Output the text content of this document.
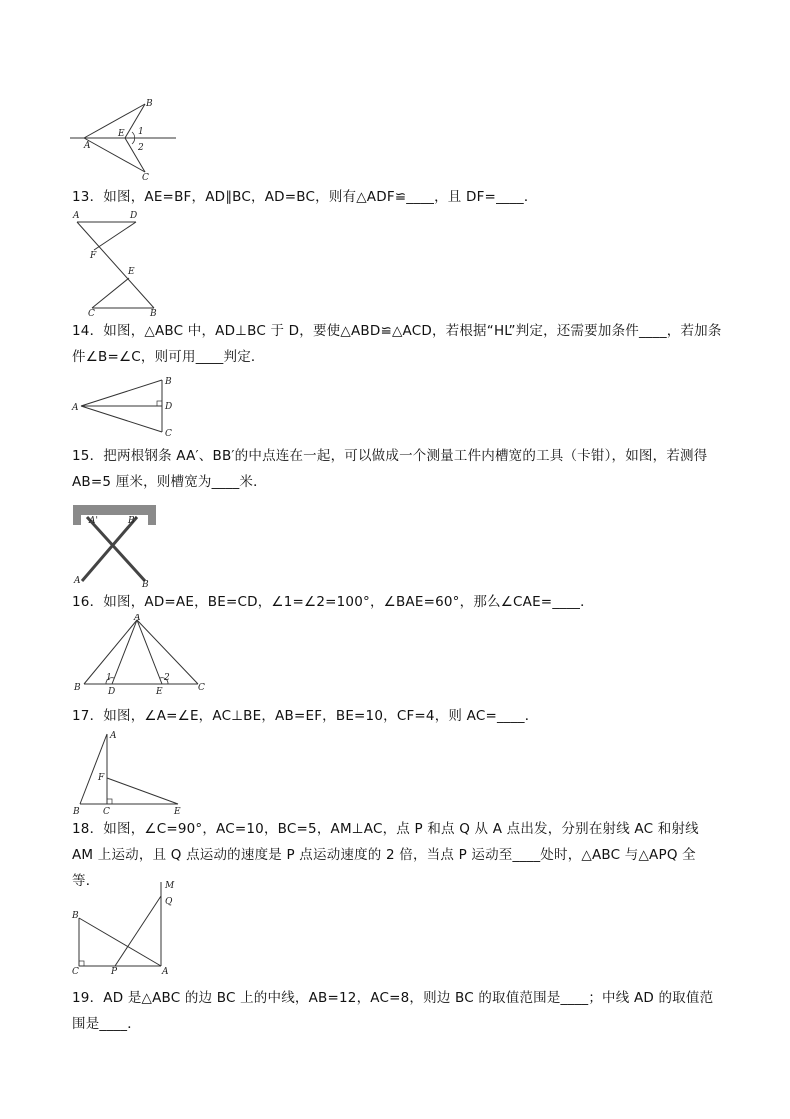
B
A
E 1
2
C
13．如图，AE=BF，AD∥BC，AD=BC，则有△ADF≌____，且 DF=____．
A	D
F
E
C	B
14．如图，△ABC 中，AD⊥BC 于 D，要使△ABD≌△ACD，若根据“HL”判定，还需要加条件____，若加条件∠B=∠C，则可用____判定．
A
B
D
C
15．把两根钢条 AA′、BB′的中点连在一起，可以做成一个测量工件内槽宽的工具（卡钳），如图，若测得 AB=5 厘米，则槽宽为____米．
A'	B'
A	B
16．如图，AD=AE，BE=CD，∠1=∠2=100°，∠BAE=60°，那么∠CAE=____．
A
B
1	2
D	E	C
17．如图，∠A=∠E，AC⊥BE，AB=EF，BE=10，CF=4，则 AC=____．
A
F
B	C	E
18．如图，∠C=90°，AC=10，BC=5，AM⊥AC，点 P 和点 Q 从 A 点出发，分别在射线 AC 和射线 AM 上运动，且 Q 点运动的速度是 P 点运动速度的 2 倍，当点 P 运动至____处时，△ABC 与△APQ 全等．	M
Q
B
C	P	A
19．AD 是△ABC 的边 BC 上的中线，AB=12，AC=8，则边 BC 的取值范围是____；中线 AD 的取值范围是____．
